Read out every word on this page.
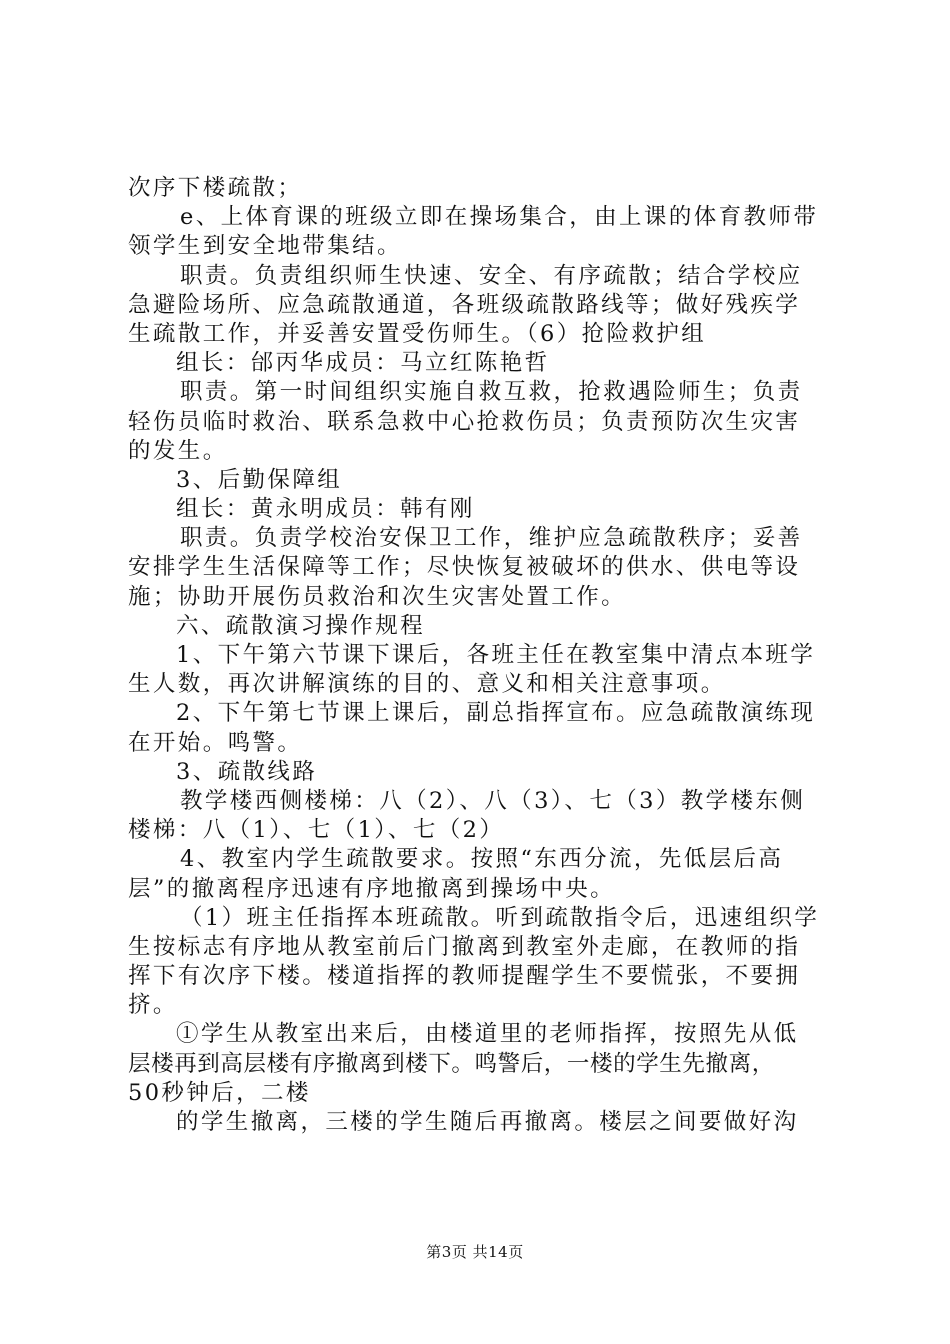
次序下楼疏散；
e、上体育课的班级立即在操场集合，由上课的体育教师带
领学生到安全地带集结。
职责。负责组织师生快速、安全、有序疏散；结合学校应
急避险场所、应急疏散通道，各班级疏散路线等；做好残疾学
生疏散工作，并妥善安置受伤师生。（6）抢险救护组
组长：邰丙华成员：马立红陈艳哲
职责。第一时间组织实施自救互救，抢救遇险师生；负责
轻伤员临时救治、联系急救中心抢救伤员；负责预防次生灾害
的发生。
3、后勤保障组
组长：黄永明成员：韩有刚
职责。负责学校治安保卫工作，维护应急疏散秩序；妥善
安排学生生活保障等工作；尽快恢复被破坏的供水、供电等设
施；协助开展伤员救治和次生灾害处置工作。
六、疏散演习操作规程
1、下午第六节课下课后，各班主任在教室集中清点本班学
生人数，再次讲解演练的目的、意义和相关注意事项。
2、下午第七节课上课后，副总指挥宣布。应急疏散演练现
在开始。鸣警。
3、疏散线路
教学楼西侧楼梯：八（2）、八（3）、七（3）教学楼东侧
楼梯：八（1）、七（1）、七（2）
4、教室内学生疏散要求。按照“东西分流，先低层后高
层”的撤离程序迅速有序地撤离到操场中央。
（1）班主任指挥本班疏散。听到疏散指令后，迅速组织学
生按标志有序地从教室前后门撤离到教室外走廊，在教师的指
挥下有次序下楼。楼道指挥的教师提醒学生不要慌张，不要拥
挤。
①学生从教室出来后，由楼道里的老师指挥，按照先从低
层楼再到高层楼有序撤离到楼下。鸣警后，一楼的学生先撤离，
50秒钟后，二楼
的学生撤离，三楼的学生随后再撤离。楼层之间要做好沟
第3页 共14页
